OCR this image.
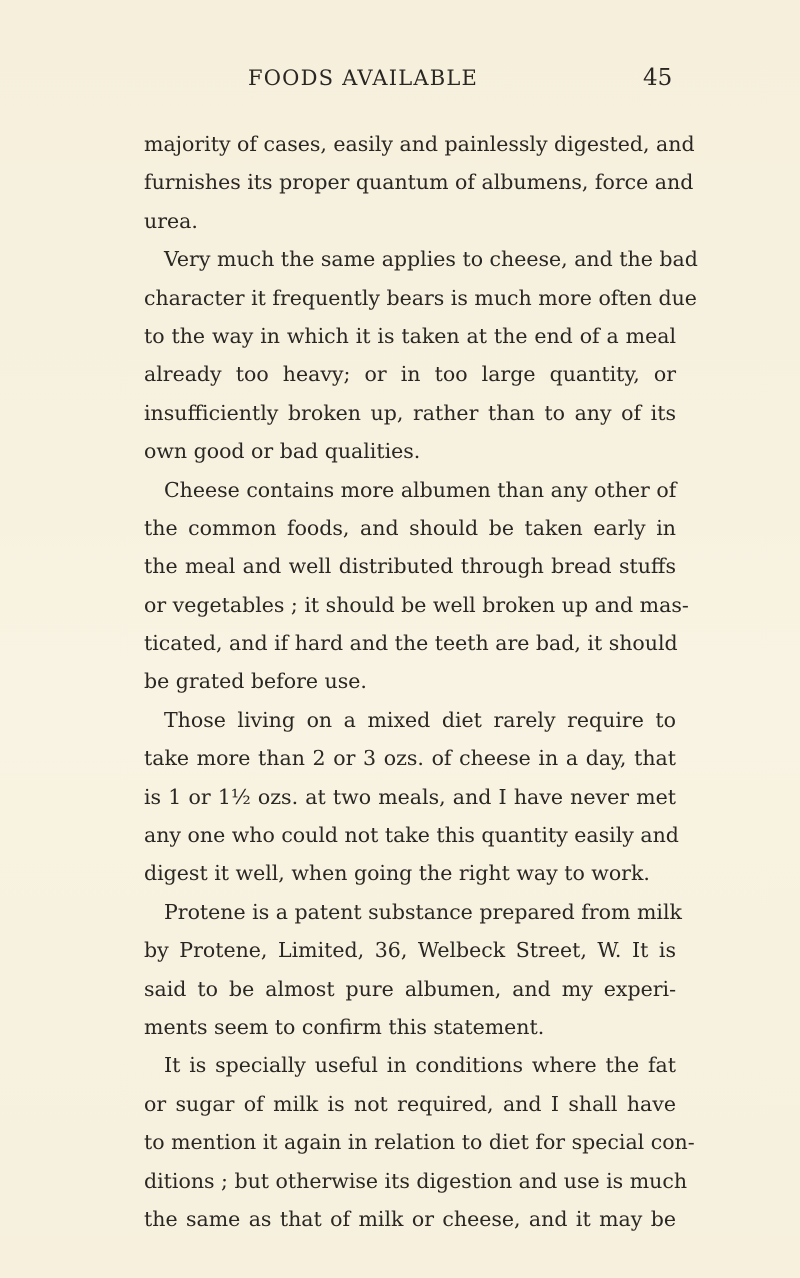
FOODS AVAILABLE	45
majority of cases, easily and painlessly digested, and
furnishes its proper quantum of albumens, force and
urea.
Very much the same applies to cheese, and the bad
character it frequently bears is much more often due
to the way in which it is taken at the end of a meal
already too heavy; or in too large quantity, or
insufficiently broken up, rather than to any of its
own good or bad qualities.
Cheese contains more albumen than any other of
the common foods, and should be taken early in
the meal and well distributed through bread stuffs
or vegetables ; it should be well broken up and mas-
ticated, and if hard and the teeth are bad, it should
be grated before use.
Those living on a mixed diet rarely require to
take more than 2 or 3 ozs. of cheese in a day, that
is 1 or 1½ ozs. at two meals, and I have never met
any one who could not take this quantity easily and
digest it well, when going the right way to work.
Protene is a patent substance prepared from milk
by Protene, Limited, 36, Welbeck Street, W. It is
said to be almost pure albumen, and my experi-
ments seem to confirm this statement.
It is specially useful in conditions where the fat
or sugar of milk is not required, and I shall have
to mention it again in relation to diet for special con-
ditions ; but otherwise its digestion and use is much
the same as that of milk or cheese, and it may be
